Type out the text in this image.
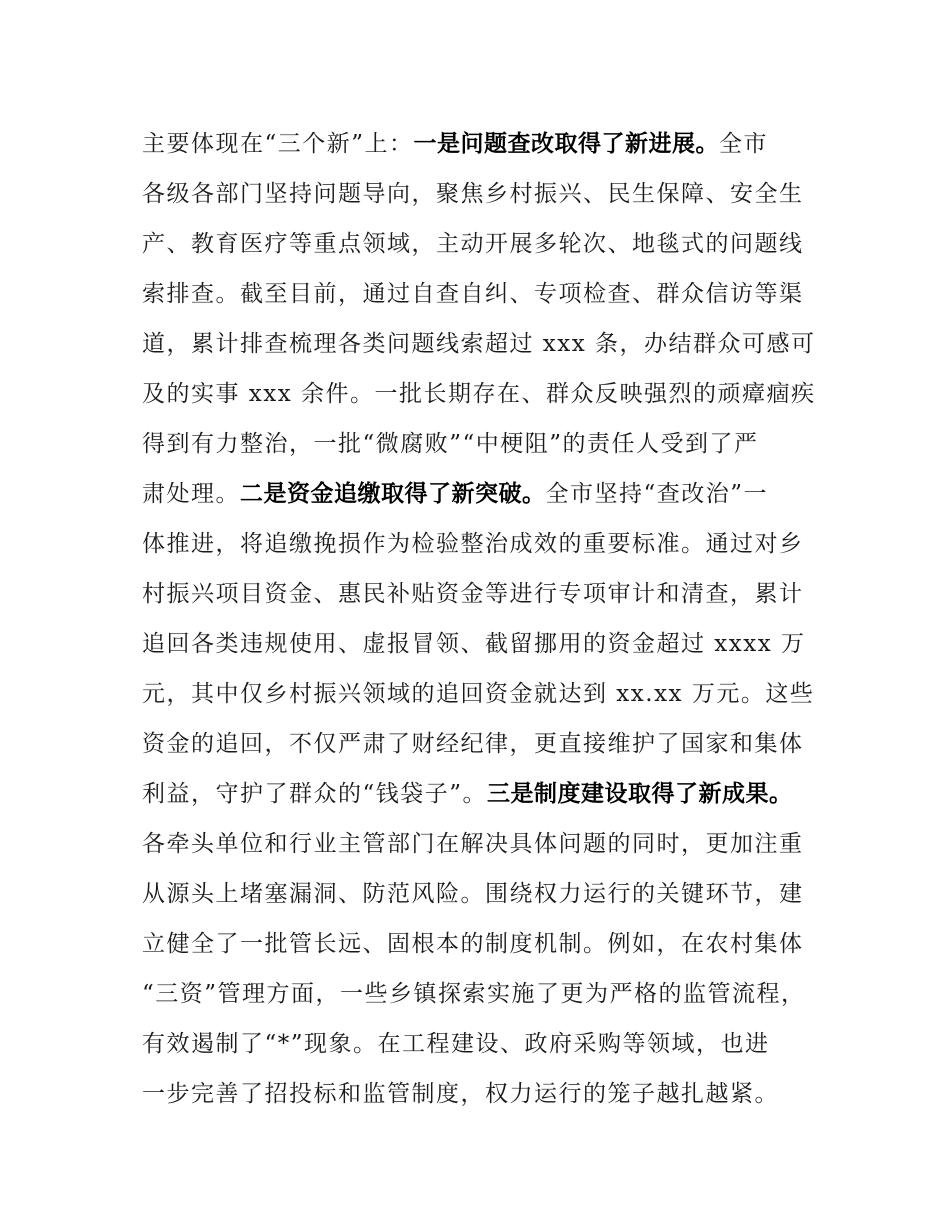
主要体现在“三个新”上：一是问题查改取得了新进展。全市
各级各部门坚持问题导向，聚焦乡村振兴、民生保障、安全生
产、教育医疗等重点领域，主动开展多轮次、地毯式的问题线
索排查。截至目前，通过自查自纠、专项检查、群众信访等渠
道，累计排查梳理各类问题线索超过 xxx 条，办结群众可感可
及的实事 xxx 余件。一批长期存在、群众反映强烈的顽瘴痼疾
得到有力整治，一批“微腐败”“中梗阻”的责任人受到了严
肃处理。二是资金追缴取得了新突破。全市坚持“查改治”一
体推进，将追缴挽损作为检验整治成效的重要标准。通过对乡
村振兴项目资金、惠民补贴资金等进行专项审计和清查，累计
追回各类违规使用、虚报冒领、截留挪用的资金超过 xxxx 万
元，其中仅乡村振兴领域的追回资金就达到 xx.xx 万元。这些
资金的追回，不仅严肃了财经纪律，更直接维护了国家和集体
利益，守护了群众的“钱袋子”。三是制度建设取得了新成果。
各牵头单位和行业主管部门在解决具体问题的同时，更加注重
从源头上堵塞漏洞、防范风险。围绕权力运行的关键环节，建
立健全了一批管长远、固根本的制度机制。例如，在农村集体
“三资”管理方面，一些乡镇探索实施了更为严格的监管流程，
有效遏制了“*”现象。在工程建设、政府采购等领域，也进
一步完善了招投标和监管制度，权力运行的笼子越扎越紧。
